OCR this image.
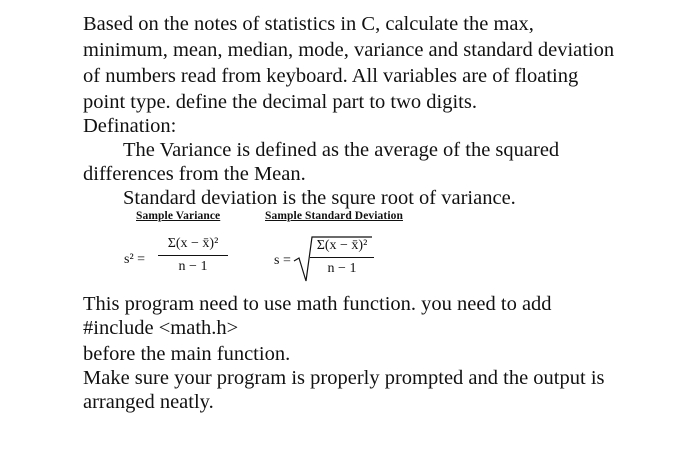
Based on the notes of statistics in C, calculate the max,
minimum, mean, median, mode, variance and standard deviation
of numbers read from keyboard. All variables are of floating
point type. define the decimal part to two digits.
Defination:
The Variance is defined as the average of the squared
differences from the Mean.
Standard deviation is the squre root of variance.
Sample Variance	Sample Standard Deviation
s² =
Σ(x − x̄)²
n − 1	s =
Σ(x − x̄)²
n − 1
This program need to use math function. you need to add
#include <math.h>
before the main function.
Make sure your program is properly prompted and the output is
arranged neatly.
